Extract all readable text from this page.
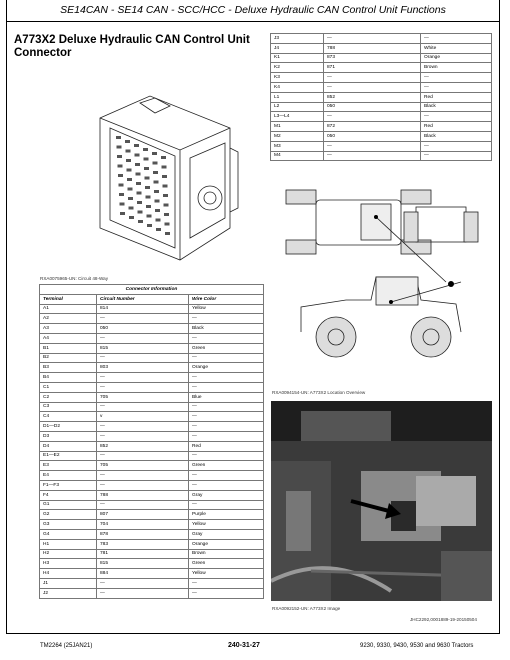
SE14CAN - SE14 CAN - SCC/HCC - Deluxe Hydraulic CAN Control Unit Functions
A773X2 Deluxe Hydraulic CAN Control Unit Connector
RXA0075965-UN: Circuit 48-Way
Connector Information		
Terminal	Circuit Number	Wire Color
A1	814	Yellow
A2	—	—
A3	050	Black
A4	—	—
B1	815	Green
B2	—	—
B3	803	Orange
B4	—	—
C1	—	—
C2	705	Blue
C3	—	—
C4	v	—
D1—D2	—	—
D3	—	—
D4	852	Red
E1—E2	—	—
E3	705	Green
E4	—	—
F1—F3	—	—
F4	788	Gray
G1	—	—
G2	807	Purple
G3	704	Yellow
G4	878	Gray
H1	783	Orange
H2	781	Brown
H3	815	Green
H4	884	Yellow
J1	—	—
J2	—	—
J3	—	—
J4	788	White
K1	873	Orange
K2	871	Brown
K3	—	—
K4	—	—
L1	852	Red
L2	050	Black
L3—L4	—	—
M1	872	Red
M2	050	Black
M3	—	—
M4	—	—
RXA0094154-UN: A773X2 Location Overview
RXA0092152-UN: A773X2 Image
JHC2292,0001889-19-20150504
TM2264 (25JAN21)	240-31-27	9230, 9330, 9430, 9530 and 9630 Tractors
